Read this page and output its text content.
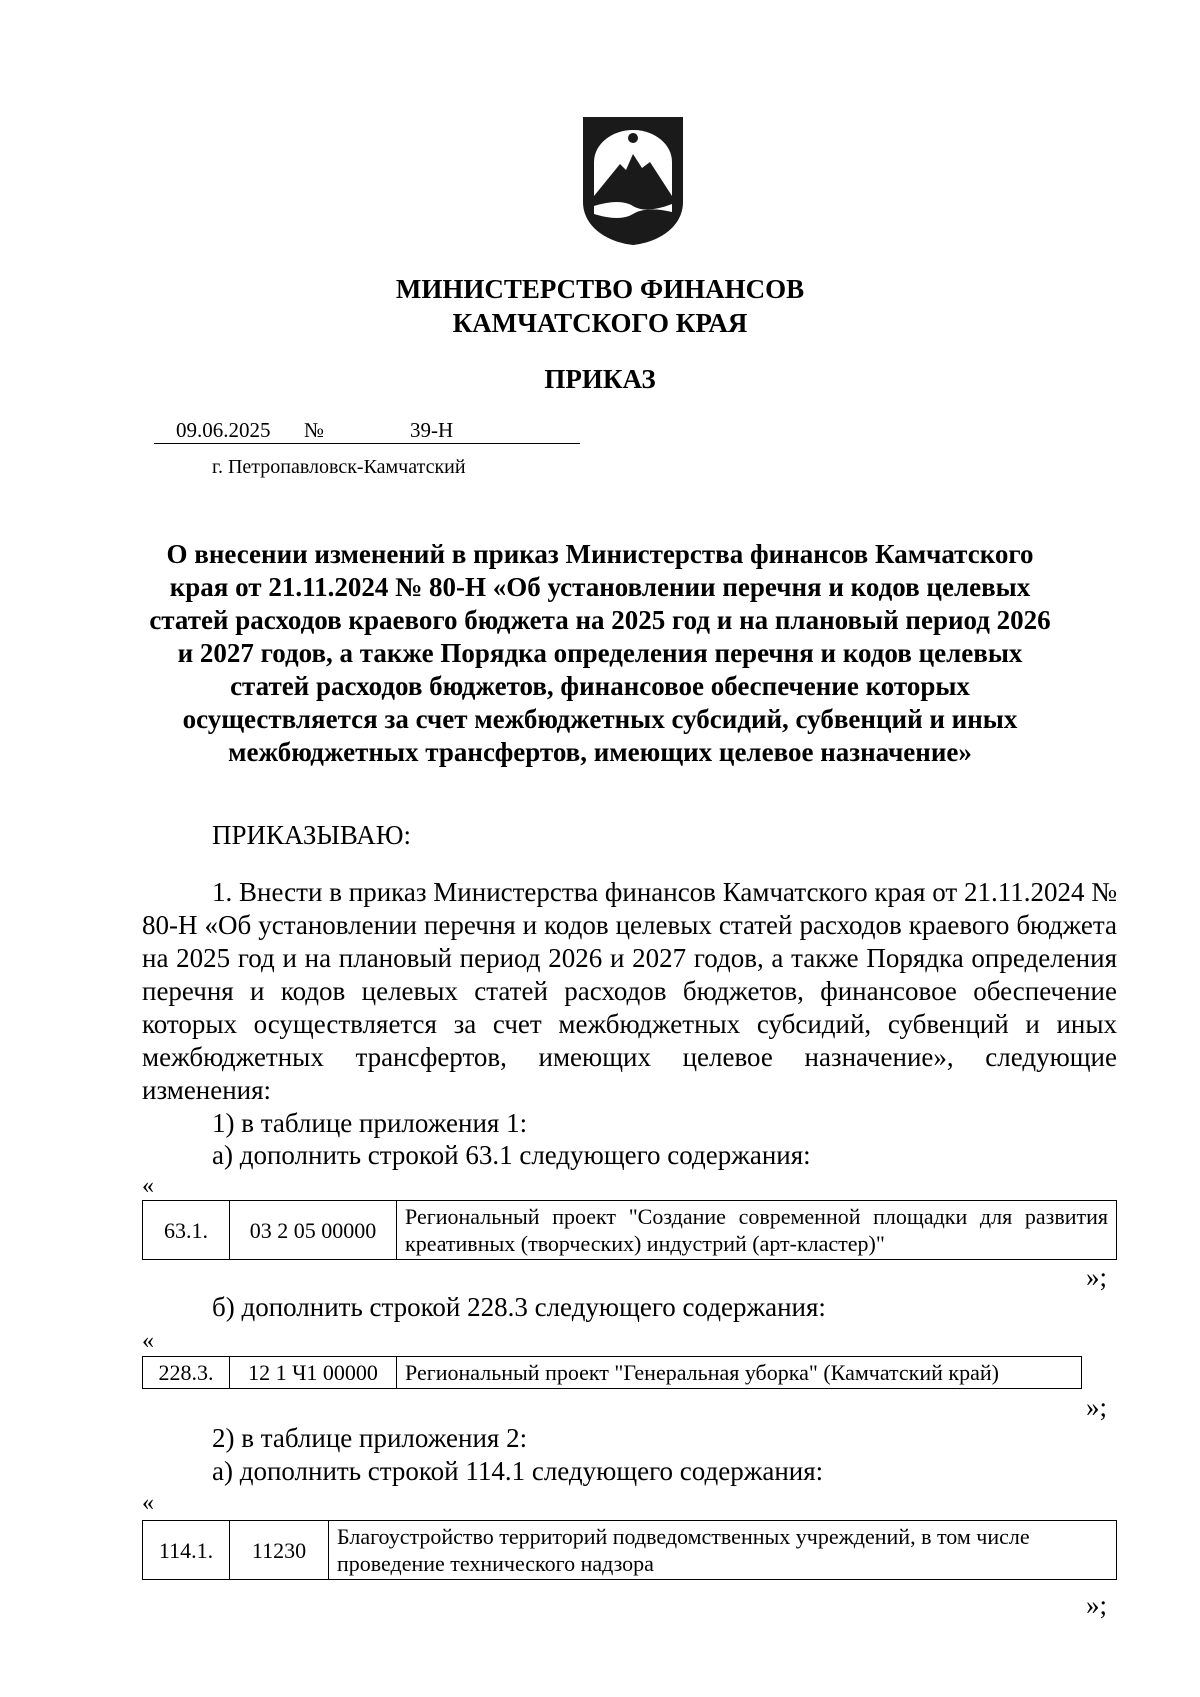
МИНИСТЕРСТВО ФИНАНСОВ
КАМЧАТСКОГО КРАЯ
ПРИКАЗ
09.06.2025 №	39-Н
г. Петропавловск-Камчатский
О внесении изменений в приказ Министерства финансов Камчатского
края от 21.11.2024 № 80-Н «Об установлении перечня и кодов целевых
статей расходов краевого бюджета на 2025 год и на плановый период 2026
и 2027 годов, а также Порядка определения перечня и кодов целевых
статей расходов бюджетов, финансовое обеспечение которых
осуществляется за счет межбюджетных субсидий, субвенций и иных
межбюджетных трансфертов, имеющих целевое назначение»
ПРИКАЗЫВАЮ:
1. Внести в приказ Министерства финансов Камчатского края от 21.11.2024 № 80-Н «Об установлении перечня и кодов целевых статей расходов краевого бюджета на 2025 год и на плановый период 2026 и 2027 годов, а также Порядка определения перечня и кодов целевых статей расходов бюджетов, финансовое обеспечение которых осуществляется за счет межбюджетных субсидий, субвенций и иных межбюджетных трансфертов, имеющих целевое назначение», следующие изменения:
1) в таблице приложения 1:
а) дополнить строкой 63.1 следующего содержания:
«
63.1.	03 2 05 00000	Региональный проект "Создание современной площадки для развития креативных (творческих) индустрий (арт-кластер)"
»;
б) дополнить строкой 228.3 следующего содержания:
«
228.3.	12 1 Ч1 00000	Региональный проект "Генеральная уборка" (Камчатский край)
»;
2) в таблице приложения 2:
а) дополнить строкой 114.1 следующего содержания:
«
114.1.	11230	Благоустройство территорий подведомственных учреждений, в том числе проведение технического надзора
»;
